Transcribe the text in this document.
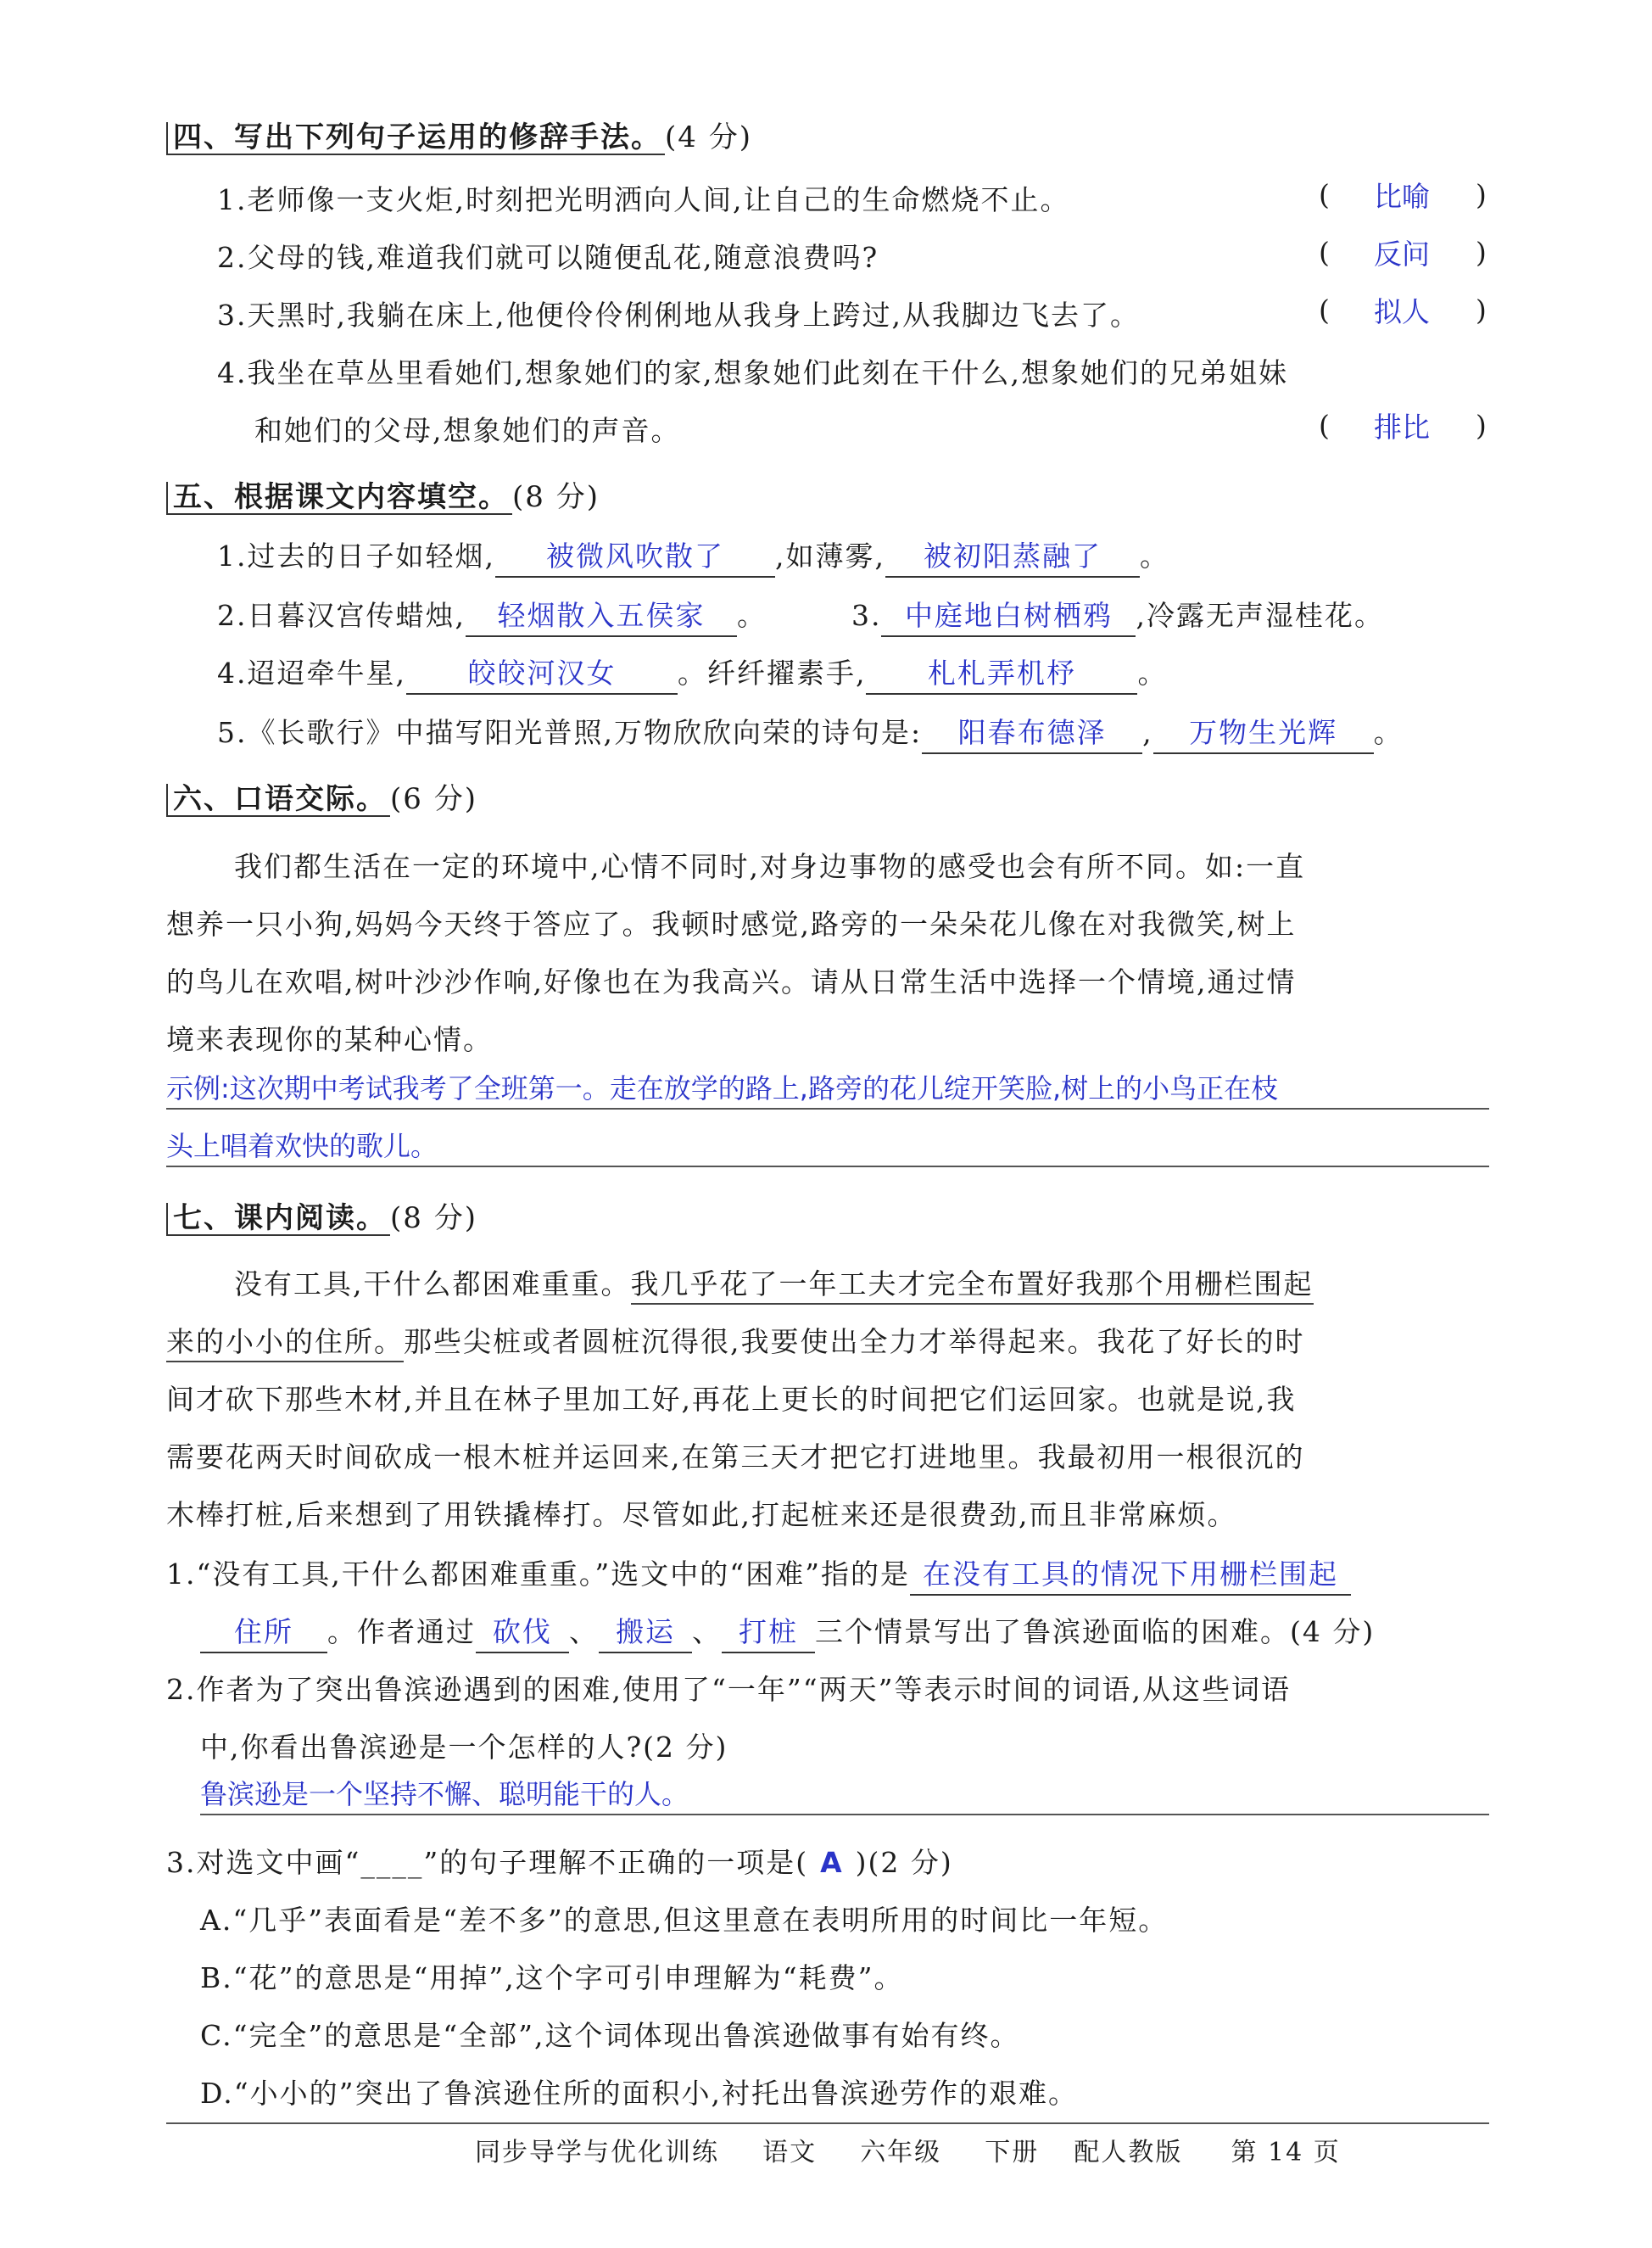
四、写出下列句子运用的修辞手法。 (4 分)
1.老师像一支火炬,时刻把光明洒向人间,让自己的生命燃烧不止。	( 比喻 )
2.父母的钱,难道我们就可以随便乱花,随意浪费吗?	( 反问 )
3.天黑时,我躺在床上,他便伶伶俐俐地从我身上跨过,从我脚边飞去了。	( 拟人 )
4.我坐在草丛里看她们,想象她们的家,想象她们此刻在干什么,想象她们的兄弟姐妹
和她们的父母,想象她们的声音。	( 排比 )
五、根据课文内容填空。 (8 分)
1.过去的日子如轻烟, 被微风吹散了 ,如薄雾, 被初阳蒸融了 。
2.日暮汉宫传蜡烛, 轻烟散入五侯家 。	3. 中庭地白树栖鸦 ,冷露无声湿桂花。
4.迢迢牵牛星, 皎皎河汉女 。纤纤擢素手, 札札弄机杼 。
5.《长歌行》中描写阳光普照,万物欣欣向荣的诗句是: 阳春布德泽 , 万物生光辉 。
六、口语交际。 (6 分)
我们都生活在一定的环境中,心情不同时,对身边事物的感受也会有所不同。如:一直
想养一只小狗,妈妈今天终于答应了。我顿时感觉,路旁的一朵朵花儿像在对我微笑,树上
的鸟儿在欢唱,树叶沙沙作响,好像也在为我高兴。请从日常生活中选择一个情境,通过情
境来表现你的某种心情。
示例:这次期中考试我考了全班第一。走在放学的路上,路旁的花儿绽开笑脸,树上的小鸟正在枝
头上唱着欢快的歌儿。
七、课内阅读。 (8 分)
没有工具,干什么都困难重重。我几乎花了一年工夫才完全布置好我那个用栅栏围起
来的小小的住所。那些尖桩或者圆桩沉得很,我要使出全力才举得起来。我花了好长的时
间才砍下那些木材,并且在林子里加工好,再花上更长的时间把它们运回家。也就是说,我
需要花两天时间砍成一根木桩并运回来,在第三天才把它打进地里。我最初用一根很沉的
木棒打桩,后来想到了用铁撬棒打。尽管如此,打起桩来还是很费劲,而且非常麻烦。
1.“没有工具,干什么都困难重重。”选文中的“困难”指的是 在没有工具的情况下用栅栏围起
住所 。作者通过 砍伐 、 搬运 、 打桩 三个情景写出了鲁滨逊面临的困难。(4 分)
2.作者为了突出鲁滨逊遇到的困难,使用了“一年”“两天”等表示时间的词语,从这些词语
中,你看出鲁滨逊是一个怎样的人?(2 分)
鲁滨逊是一个坚持不懈、聪明能干的人。
3.对选文中画“____”的句子理解不正确的一项是( A )(2 分)
A.“几乎”表面看是“差不多”的意思,但这里意在表明所用的时间比一年短。
B.“花”的意思是“用掉”,这个字可引申理解为“耗费”。
C.“完全”的意思是“全部”,这个词体现出鲁滨逊做事有始有终。
D.“小小的”突出了鲁滨逊住所的面积小,衬托出鲁滨逊劳作的艰难。
同步导学与优化训练 语文 六年级 下册 配人教版 第 14 页
